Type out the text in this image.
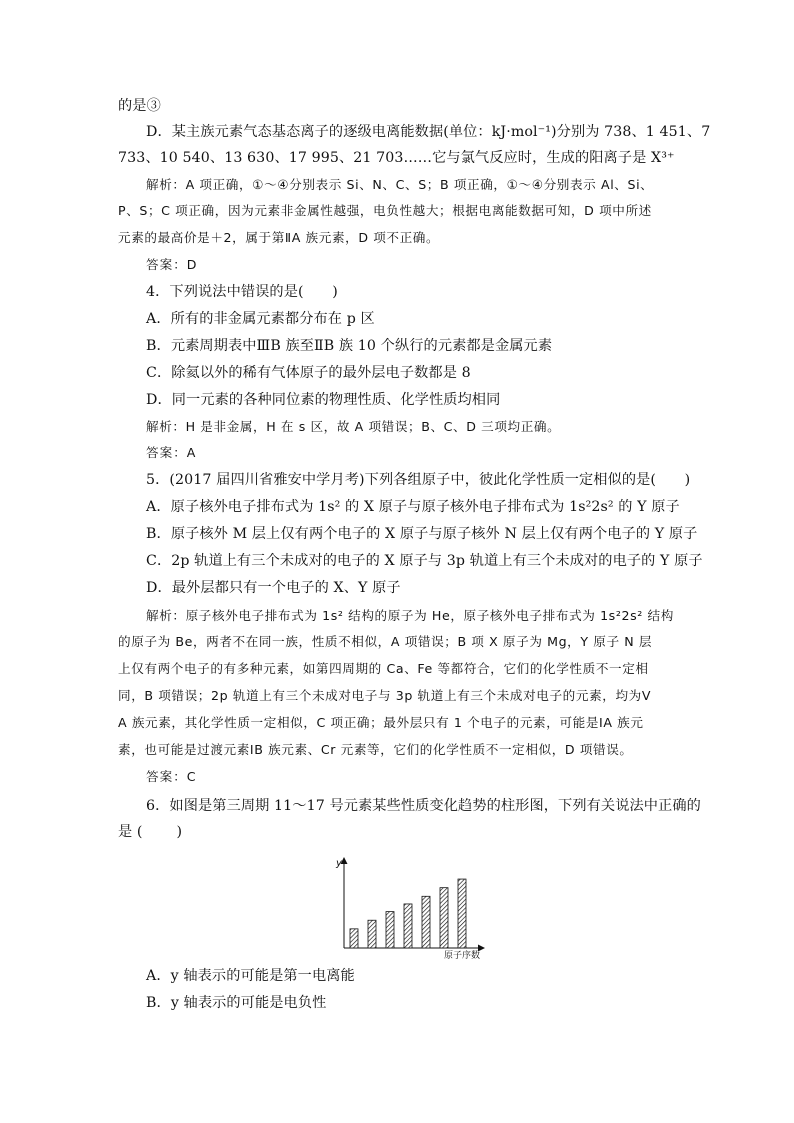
的是③
D．某主族元素气态基态离子的逐级电离能数据(单位：kJ·mol⁻¹)分别为 738、1 451、7
733、10 540、13 630、17 995、21 703……它与氯气反应时，生成的阳离子是 X³⁺
解析：A 项正确，①～④分别表示 Si、N、C、S；B 项正确，①～④分别表示 Al、Si、
P、S；C 项正确，因为元素非金属性越强，电负性越大；根据电离能数据可知，D 项中所述
元素的最高价是＋2，属于第ⅡA 族元素，D 项不正确。
答案：D
4．下列说法中错误的是(　　)
A．所有的非金属元素都分布在 p 区
B．元素周期表中ⅢB 族至ⅡB 族 10 个纵行的元素都是金属元素
C．除氦以外的稀有气体原子的最外层电子数都是 8
D．同一元素的各种同位素的物理性质、化学性质均相同
解析：H 是非金属，H 在 s 区，故 A 项错误；B、C、D 三项均正确。
答案：A
5．(2017 届四川省雅安中学月考)下列各组原子中，彼此化学性质一定相似的是(　　)
A．原子核外电子排布式为 1s² 的 X 原子与原子核外电子排布式为 1s²2s² 的 Y 原子
B．原子核外 M 层上仅有两个电子的 X 原子与原子核外 N 层上仅有两个电子的 Y 原子
C．2p 轨道上有三个未成对的电子的 X 原子与 3p 轨道上有三个未成对的电子的 Y 原子
D．最外层都只有一个电子的 X、Y 原子
解析：原子核外电子排布式为 1s² 结构的原子为 He，原子核外电子排布式为 1s²2s² 结构
的原子为 Be，两者不在同一族，性质不相似，A 项错误；B 项 X 原子为 Mg，Y 原子 N 层
上仅有两个电子的有多种元素，如第四周期的 Ca、Fe 等都符合，它们的化学性质不一定相
同，B 项错误；2p 轨道上有三个未成对电子与 3p 轨道上有三个未成对电子的元素，均为Ⅴ
A 族元素，其化学性质一定相似，C 项正确；最外层只有 1 个电子的元素，可能是ⅠA 族元
素，也可能是过渡元素ⅠB 族元素、Cr 元素等，它们的化学性质不一定相似，D 项错误。
答案：C
6．如图是第三周期 11～17 号元素某些性质变化趋势的柱形图，下列有关说法中正确的
是 ( )
y
原子序数
A．y 轴表示的可能是第一电离能
B．y 轴表示的可能是电负性
